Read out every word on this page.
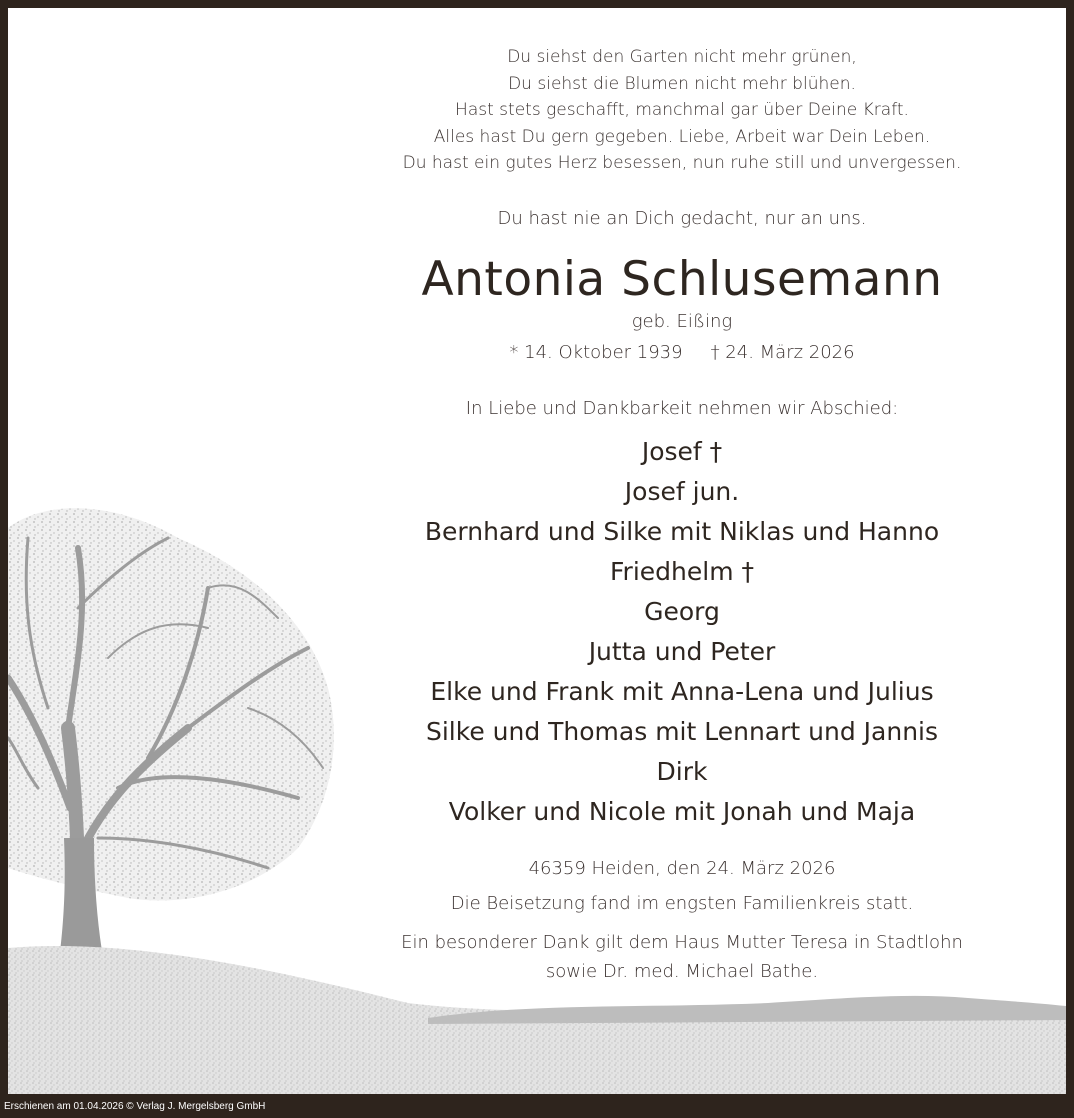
Du siehst den Garten nicht mehr grünen,
Du siehst die Blumen nicht mehr blühen.
Hast stets geschafft, manchmal gar über Deine Kraft.
Alles hast Du gern gegeben. Liebe, Arbeit war Dein Leben.
Du hast ein gutes Herz besessen, nun ruhe still und unvergessen.
Du hast nie an Dich gedacht, nur an uns.
Antonia Schlusemann
geb. Eißing
* 14. Oktober 1939 † 24. März 2026
In Liebe und Dankbarkeit nehmen wir Abschied:
Josef †
Josef jun.
Bernhard und Silke mit Niklas und Hanno
Friedhelm †
Georg
Jutta und Peter
Elke und Frank mit Anna-Lena und Julius
Silke und Thomas mit Lennart und Jannis
Dirk
Volker und Nicole mit Jonah und Maja
46359 Heiden, den 24. März 2026
Die Beisetzung fand im engsten Familienkreis statt.
Ein besonderer Dank gilt dem Haus Mutter Teresa in Stadtlohn
sowie Dr. med. Michael Bathe.
Erschienen am 01.04.2026 © Verlag J. Mergelsberg GmbH
